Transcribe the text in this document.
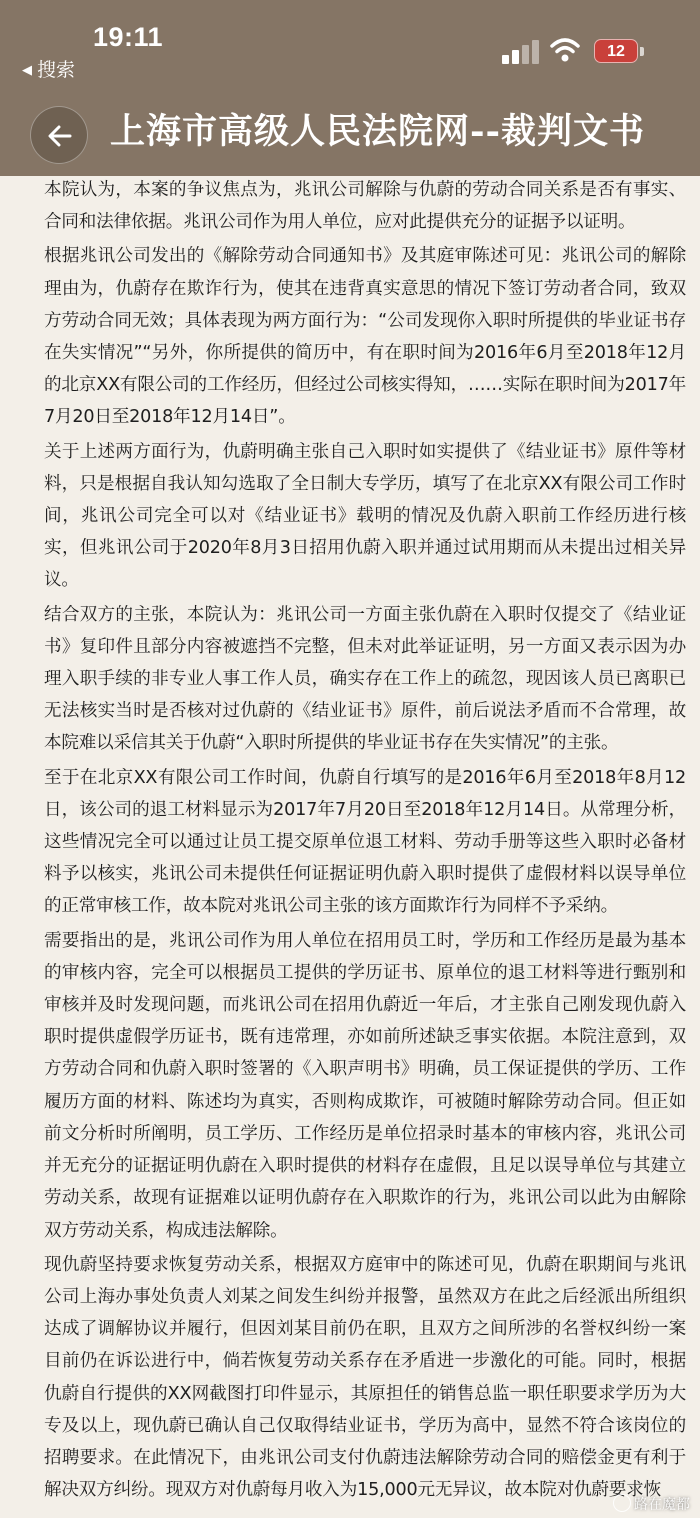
19:11
◀ 搜索
12
上海市高级人民法院网--裁判文书

本院认为，本案的争议焦点为，兆讯公司解除与仇蔚的劳动合同关系是否有事实、合同和法律依据。兆讯公司作为用人单位，应对此提供充分的证据予以证明。

根据兆讯公司发出的《解除劳动合同通知书》及其庭审陈述可见：兆讯公司的解除理由为，仇蔚存在欺诈行为，使其在违背真实意思的情况下签订劳动者合同，致双方劳动合同无效；具体表现为两方面行为：“公司发现你入职时所提供的毕业证书存在失实情况”“另外，你所提供的简历中，有在职时间为2016年6月至2018年12月的北京XX有限公司的工作经历，但经过公司核实得知，……实际在职时间为2017年7月20日至2018年12月14日”。

关于上述两方面行为，仇蔚明确主张自己入职时如实提供了《结业证书》原件等材料，只是根据自我认知勾选取了全日制大专学历，填写了在北京XX有限公司工作时间，兆讯公司完全可以对《结业证书》载明的情况及仇蔚入职前工作经历进行核实，但兆讯公司于2020年8月3日招用仇蔚入职并通过试用期而从未提出过相关异议。

结合双方的主张，本院认为：兆讯公司一方面主张仇蔚在入职时仅提交了《结业证书》复印件且部分内容被遮挡不完整，但未对此举证证明，另一方面又表示因为办理入职手续的非专业人事工作人员，确实存在工作上的疏忽，现因该人员已离职已无法核实当时是否核对过仇蔚的《结业证书》原件，前后说法矛盾而不合常理，故本院难以采信其关于仇蔚“入职时所提供的毕业证书存在失实情况”的主张。

至于在北京XX有限公司工作时间，仇蔚自行填写的是2016年6月至2018年8月12日，该公司的退工材料显示为2017年7月20日至2018年12月14日。从常理分析，这些情况完全可以通过让员工提交原单位退工材料、劳动手册等这些入职时必备材料予以核实，兆讯公司未提供任何证据证明仇蔚入职时提供了虚假材料以误导单位的正常审核工作，故本院对兆讯公司主张的该方面欺诈行为同样不予采纳。

需要指出的是，兆讯公司作为用人单位在招用员工时，学历和工作经历是最为基本的审核内容，完全可以根据员工提供的学历证书、原单位的退工材料等进行甄别和审核并及时发现问题，而兆讯公司在招用仇蔚近一年后，才主张自己刚发现仇蔚入职时提供虚假学历证书，既有违常理，亦如前所述缺乏事实依据。本院注意到，双方劳动合同和仇蔚入职时签署的《入职声明书》明确，员工保证提供的学历、工作履历方面的材料、陈述均为真实，否则构成欺诈，可被随时解除劳动合同。但正如前文分析时所阐明，员工学历、工作经历是单位招录时基本的审核内容，兆讯公司并无充分的证据证明仇蔚在入职时提供的材料存在虚假，且足以误导单位与其建立劳动关系，故现有证据难以证明仇蔚存在入职欺诈的行为，兆讯公司以此为由解除双方劳动关系，构成违法解除。

现仇蔚坚持要求恢复劳动关系，根据双方庭审中的陈述可见，仇蔚在职期间与兆讯公司上海办事处负责人刘某之间发生纠纷并报警，虽然双方在此之后经派出所组织达成了调解协议并履行，但因刘某目前仍在职，且双方之间所涉的名誉权纠纷一案目前仍在诉讼进行中，倘若恢复劳动关系存在矛盾进一步激化的可能。同时，根据仇蔚自行提供的XX网截图打印件显示，其原担任的销售总监一职任职要求学历为大专及以上，现仇蔚已确认自己仅取得结业证书，学历为高中，显然不符合该岗位的招聘要求。在此情况下，由兆讯公司支付仇蔚违法解除劳动合同的赔偿金更有利于解决双方纠纷。现双方对仇蔚每月收入为15,000元无异议，故本院对仇蔚要求恢

路在魔都
